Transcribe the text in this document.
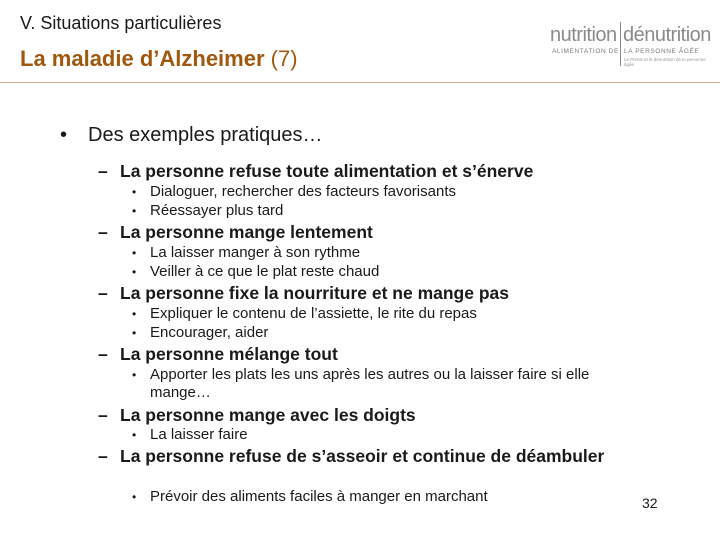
V. Situations particulières
La maladie d’Alzheimer (7)
nutrition dénutrition
ALIMENTATION DE LA PERSONNE ÂGÉE
Le PNNS et le dénutrition de la personne âgée
• Des exemples pratiques…
– La personne refuse toute alimentation et s’énerve
• Dialoguer, rechercher des facteurs favorisants
• Réessayer plus tard
– La personne mange lentement
• La laisser manger à son rythme
• Veiller à ce que le plat reste chaud
– La personne fixe la nourriture et ne mange pas
• Expliquer le contenu de l’assiette, le rite du repas
• Encourager, aider
– La personne mélange tout
• Apporter les plats les uns après les autres ou la laisser faire si elle mange…
– La personne mange avec les doigts
• La laisser faire
– La personne refuse de s’asseoir et continue de déambuler
• Prévoir des aliments faciles à manger en marchant	32
